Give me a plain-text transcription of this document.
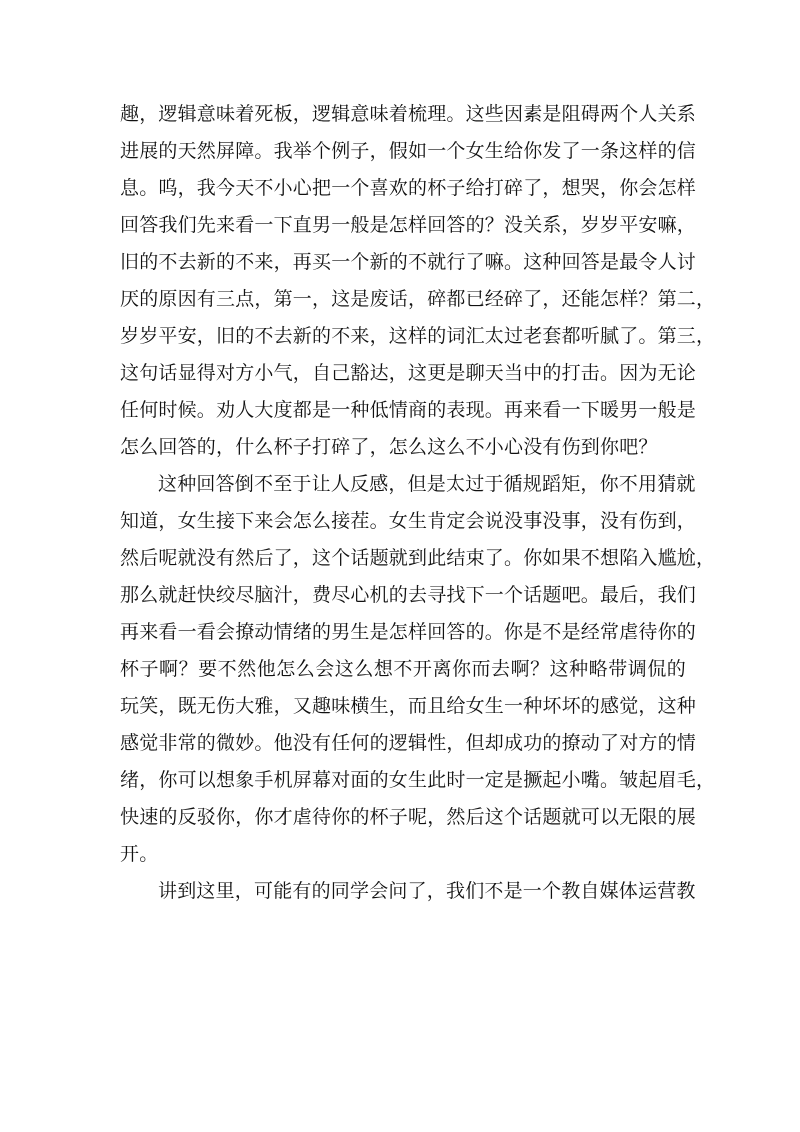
趣，逻辑意味着死板，逻辑意味着梳理。这些因素是阻碍两个人关系
进展的天然屏障。我举个例子，假如一个女生给你发了一条这样的信
息。呜，我今天不小心把一个喜欢的杯子给打碎了，想哭，你会怎样
回答我们先来看一下直男一般是怎样回答的？没关系，岁岁平安嘛，
旧的不去新的不来，再买一个新的不就行了嘛。这种回答是最令人讨
厌的原因有三点，第一，这是废话，碎都已经碎了，还能怎样？第二，
岁岁平安，旧的不去新的不来，这样的词汇太过老套都听腻了。第三，
这句话显得对方小气，自己豁达，这更是聊天当中的打击。因为无论
任何时候。劝人大度都是一种低情商的表现。再来看一下暖男一般是
怎么回答的，什么杯子打碎了，怎么这么不小心没有伤到你吧？
这种回答倒不至于让人反感，但是太过于循规蹈矩，你不用猜就
知道，女生接下来会怎么接茬。女生肯定会说没事没事，没有伤到，
然后呢就没有然后了，这个话题就到此结束了。你如果不想陷入尴尬，
那么就赶快绞尽脑汁，费尽心机的去寻找下一个话题吧。最后，我们
再来看一看会撩动情绪的男生是怎样回答的。你是不是经常虐待你的
杯子啊？要不然他怎么会这么想不开离你而去啊？这种略带调侃的
玩笑，既无伤大雅，又趣味横生，而且给女生一种坏坏的感觉，这种
感觉非常的微妙。他没有任何的逻辑性，但却成功的撩动了对方的情
绪，你可以想象手机屏幕对面的女生此时一定是撅起小嘴。皱起眉毛，
快速的反驳你，你才虐待你的杯子呢，然后这个话题就可以无限的展
开。
讲到这里，可能有的同学会问了，我们不是一个教自媒体运营教
